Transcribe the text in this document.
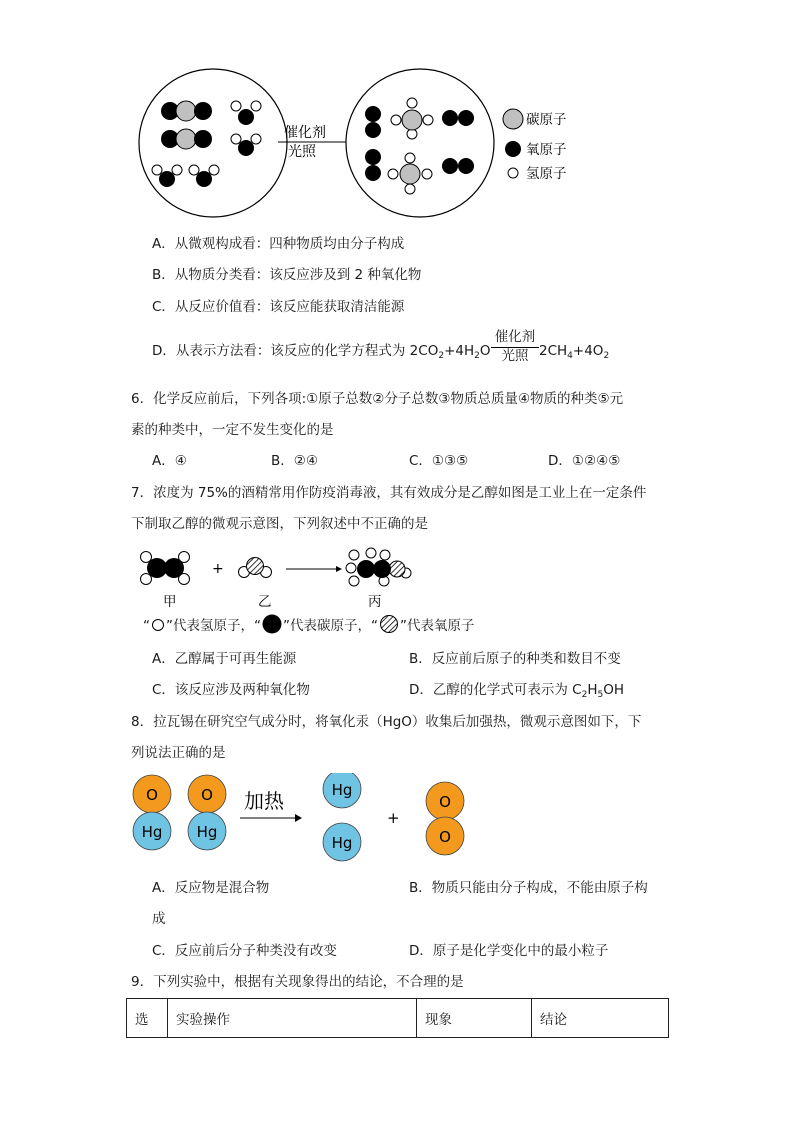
催化剂
光照
碳原子
氧原子
氢原子
A．从微观构成看：四种物质均由分子构成
B．从物质分类看：该反应涉及到 2 种氧化物
C．从反应价值看：该反应能获取清洁能源
D．从表示方法看：该反应的化学方程式为 $2CO_2+4H_2O$
催化剂
光照 $2CH_4+4O_2$
6．化学反应前后，下列各项:①原子总数②分子总数③物质总质量④物质的种类⑤元
素的种类中，一定不发生变化的是
A．④	B．②④	C．①③⑤	D．①②④⑤
7．浓度为 75%的酒精常用作防疫消毒液，其有效成分是乙醇如图是工业上在一定条件
下制取乙醇的微观示意图，下列叙述中不正确的是
+
甲	乙	丙
“ ”代表氢原子，“ ”代表碳原子，“ ”代表氧原子
A．乙醇属于可再生能源	B．反应前后原子的种类和数目不变
C．该反应涉及两种氧化物	D．乙醇的化学式可表示为 $C_2H_5OH$
8．拉瓦锡在研究空气成分时，将氧化汞（HgO）收集后加强热，微观示意图如下，下
列说法正确的是
O
Hg
O
Hg
加热	Hg
Hg
+
O
O
A．反应物是混合物	B．物质只能由分子构成，不能由原子构
成
C．反应前后分子种类没有改变	D．原子是化学变化中的最小粒子
9．下列实验中，根据有关现象得出的结论，不合理的是
选	实验操作	现象	结论
